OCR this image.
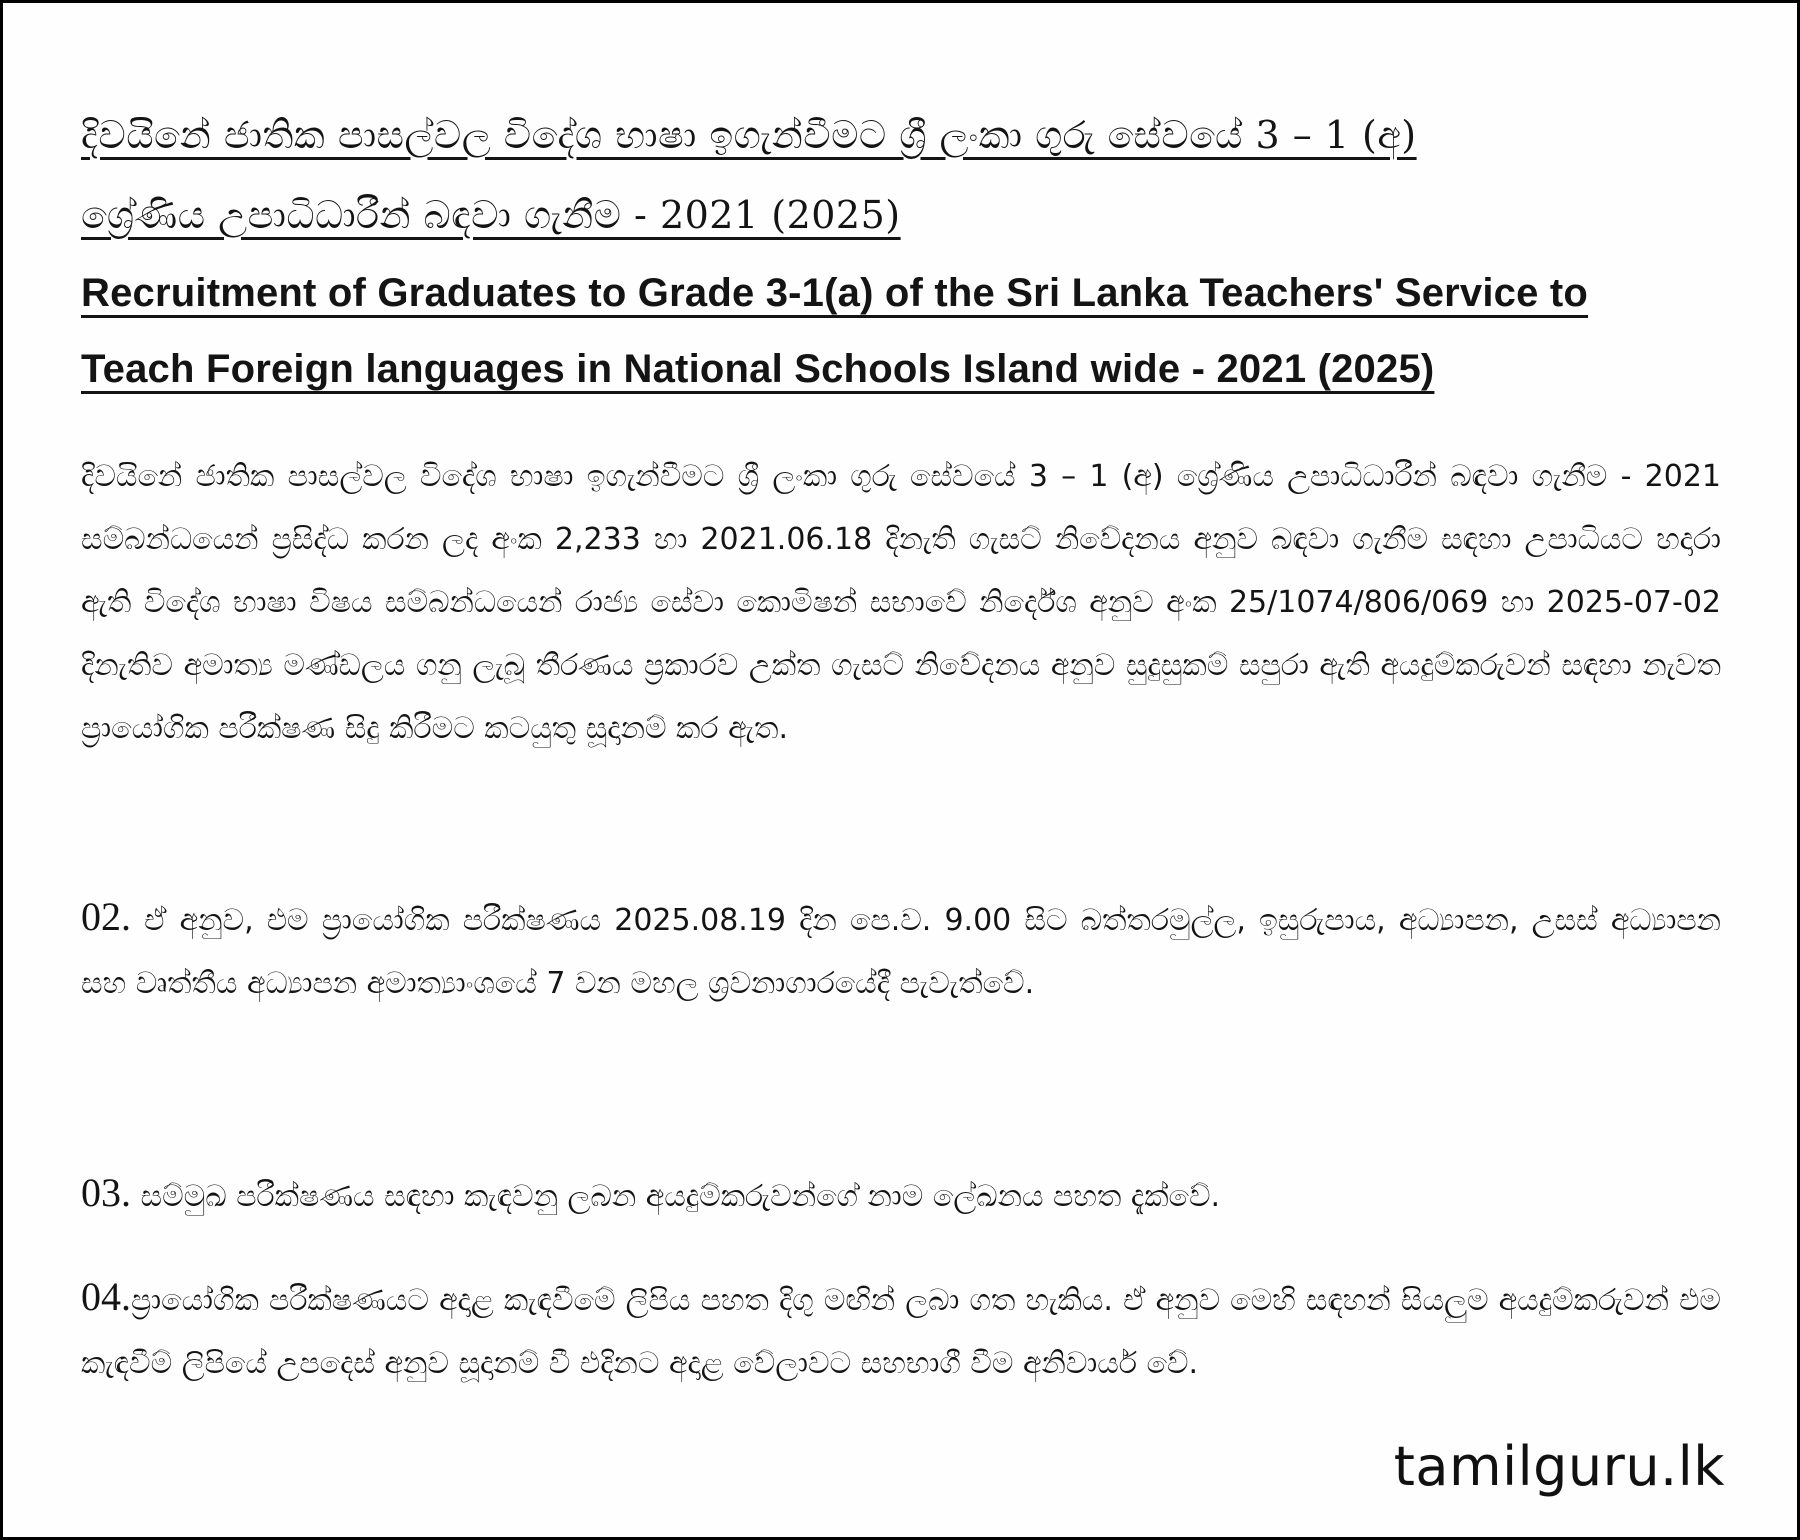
දිවයිනේ ජාතික පාසල්වල විදේශ භාෂා ඉගැන්වීමට ශ්‍රී ලංකා ගුරු සේවයේ 3 – 1 (අ)
ශ්‍රේණිය උපාධිධාරීන් බඳවා ගැනීම - 2021 (2025)
Recruitment of Graduates to Grade 3-1(a) of the Sri Lanka Teachers' Service to
Teach Foreign languages in National Schools Island wide - 2021 (2025)

දිවයිනේ ජාතික පාසල්වල විදේශ භාෂා ඉගැන්වීමට ශ්‍රී ලංකා ගුරු සේවයේ 3 – 1 (අ) ශ්‍රේණිය උපාධිධාරීන් බඳවා ගැනීම - 2021 සම්බන්ධයෙන් ප්‍රසිද්ධ කරන ලද අංක 2,233 හා 2021.06.18 දිනැති ගැසට් නිවේදනය අනුව බඳවා ගැනීම සඳහා උපාධියට හදාරා ඇති විදේශ භාෂා විෂය සම්බන්ධයෙන් රාජ්‍ය සේවා කොමිෂන් සභාවේ නිර්දේශ අනුව අංක 25/1074/806/069 හා 2025-07-02 දිනැතිව අමාත්‍ය මණ්ඩලය ගනු ලැබූ තීරණය ප්‍රකාරව උක්ත ගැසට් නිවේදනය අනුව සුදුසුකම් සපුරා ඇති අයදුම්කරුවන් සඳහා නැවත ප්‍රායෝගික පරීක්ෂණ සිදු කිරීමට කටයුතු සූදානම් කර ඇත.

02. ඒ අනුව, එම ප්‍රායෝගික පරීක්ෂණය 2025.08.19 දින පෙ.ව. 9.00 සිට බත්තරමුල්ල, ඉසුරුපාය, අධ්‍යාපන, උසස් අධ්‍යාපන සහ වෘත්තීය අධ්‍යාපන අමාත්‍යාංශයේ 7 වන මහල ශ්‍රවනාගාරයේදී පැවැත්වේ.

03. සම්මුඛ පරීක්ෂණය සඳහා කැඳවනු ලබන අයදුම්කරුවන්ගේ නාම ලේඛනය පහත දැක්වේ.

04.ප්‍රායෝගික පරීක්ෂණයට අදාළ කැඳවීමේ ලිපිය පහත දිගු මඟින් ලබා ගත හැකිය. ඒ අනුව මෙහි සඳහන් සියලුම අයදුම්කරුවන් එම කැඳවීම් ලිපියේ උපදෙස් අනුව සූදානම් වී එදිනට අදාළ වේලාවට සහභාගී වීම අනිවාර්ය වේ.

tamilguru.lk
